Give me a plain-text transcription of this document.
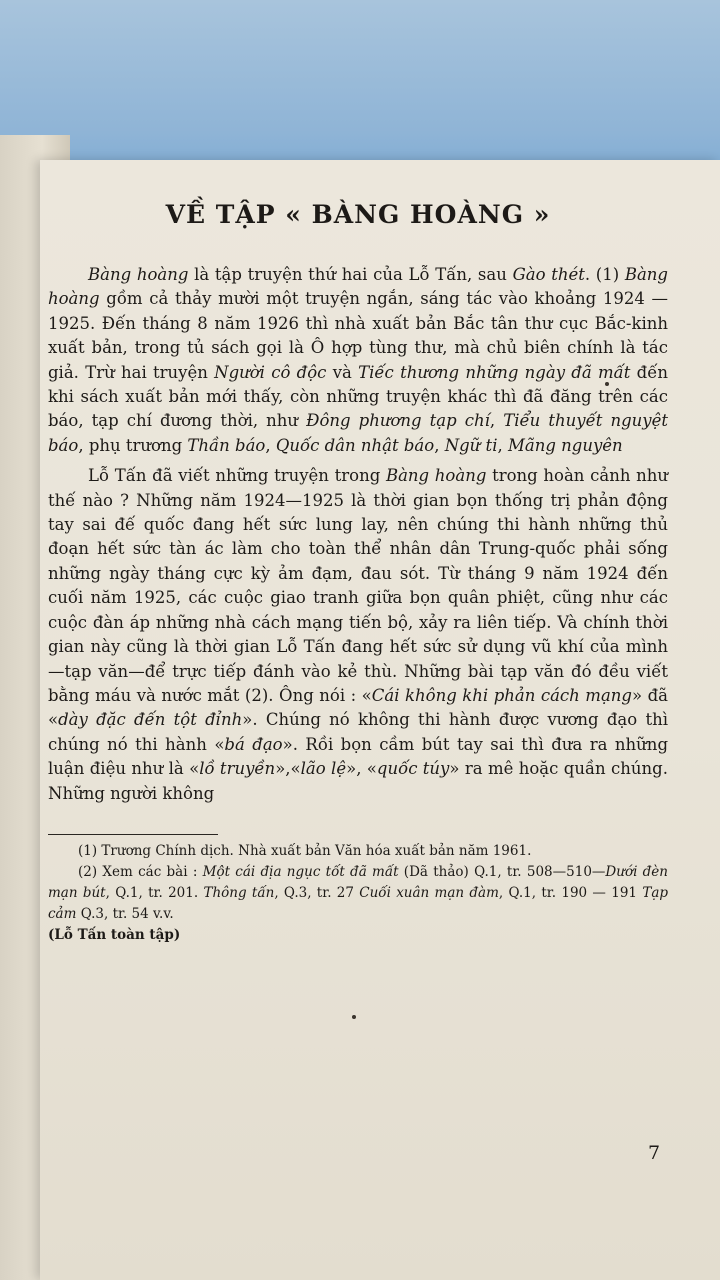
VỀ TẬP « BÀNG HOÀNG »

Bàng hoàng là tập truyện thứ hai của Lỗ Tấn, sau Gào thét. (1) Bàng hoàng gồm cả thảy mười một truyện ngắn, sáng tác vào khoảng 1924 — 1925. Đến tháng 8 năm 1926 thì nhà xuất bản Bắc tân thư cục Bắc-kinh xuất bản, trong tủ sách gọi là Ô hợp tùng thư, mà chủ biên chính là tác giả. Trừ hai truyện Người cô độc và Tiếc thương những ngày đã mất đến khi sách xuất bản mới thấy, còn những truyện khác thì đã đăng trên các báo, tạp chí đương thời, như Đông phương tạp chí, Tiểu thuyết nguyệt báo, phụ trương Thần báo, Quốc dân nhật báo, Ngữ ti, Mãng nguyên

Lỗ Tấn đã viết những truyện trong Bàng hoàng trong hoàn cảnh như thế nào ? Những năm 1924—1925 là thời gian bọn thống trị phản động tay sai đế quốc đang hết sức lung lay, nên chúng thi hành những thủ đoạn hết sức tàn ác làm cho toàn thể nhân dân Trung-quốc phải sống những ngày tháng cực kỳ ảm đạm, đau sót. Từ tháng 9 năm 1924 đến cuối năm 1925, các cuộc giao tranh giữa bọn quân phiệt, cũng như các cuộc đàn áp những nhà cách mạng tiến bộ, xảy ra liên tiếp. Và chính thời gian này cũng là thời gian Lỗ Tấn đang hết sức sử dụng vũ khí của mình—tạp văn—để trực tiếp đánh vào kẻ thù. Những bài tạp văn đó đều viết bằng máu và nước mắt (2). Ông nói : «Cái không khi phản cách mạng» đã «dày đặc đến tột đỉnh». Chúng nó không thi hành được vương đạo thì chúng nó thi hành «bá đạo». Rồi bọn cầm bút tay sai thì đưa ra những luận điệu như là «lồ truyền»,«lão lệ», «quốc túy» ra mê hoặc quần chúng. Những người không

(1) Trương Chính dịch. Nhà xuất bản Văn hóa xuất bản năm 1961.

(2) Xem các bài : Một cái địa ngục tốt đã mất (Dã thảo) Q.1, tr. 508—510—Dưới đèn mạn bút, Q.1, tr. 201. Thông tấn, Q.3, tr. 27 Cuối xuân mạn đàm, Q.1, tr. 190 — 191 Tạp cảm Q.3, tr. 54 v.v.

(Lỗ Tấn toàn tập)

7
